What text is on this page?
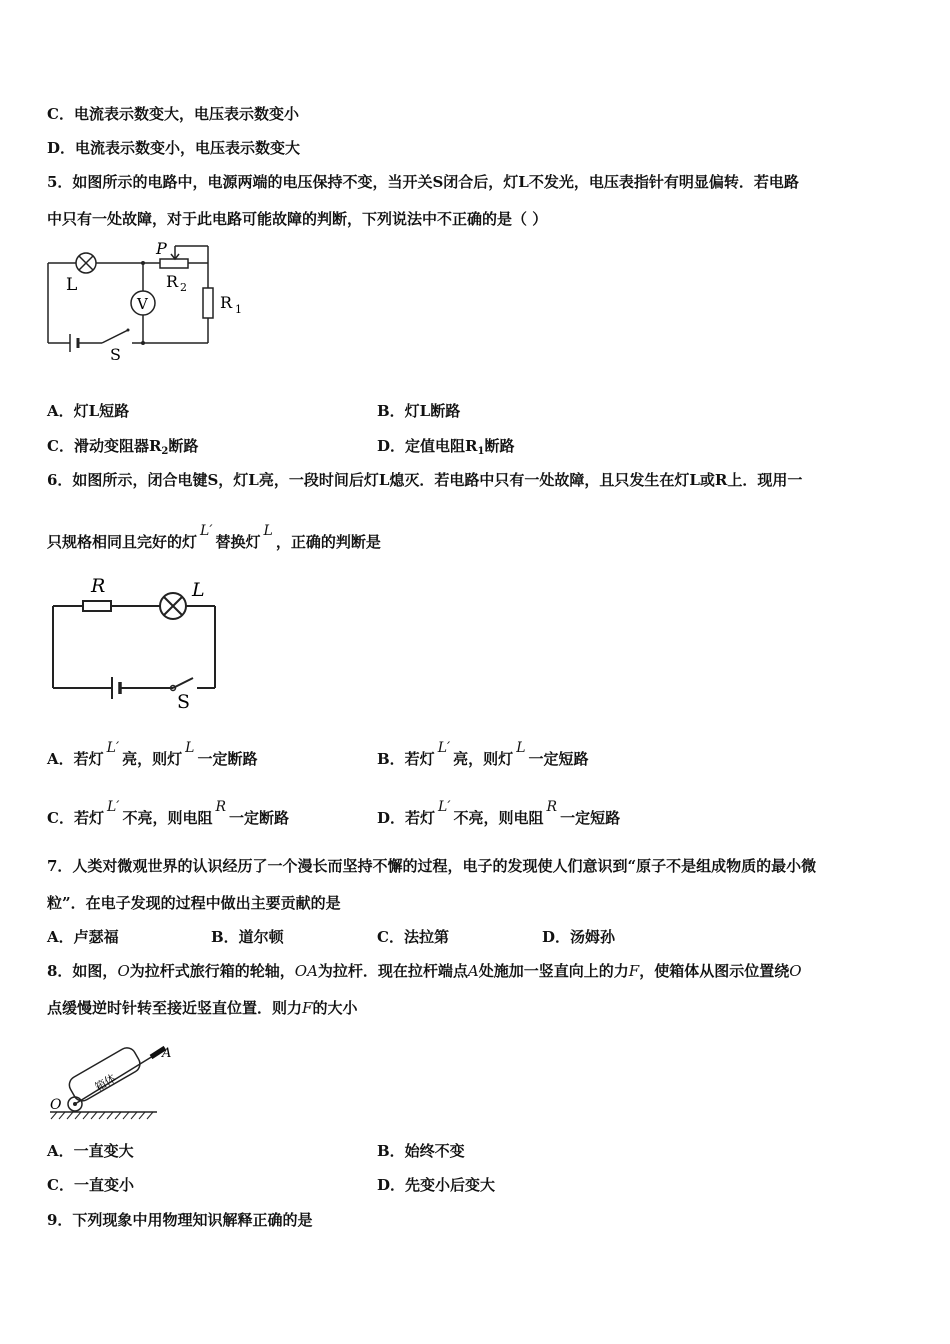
C．电流表示数变大，电压表示数变小
D．电流表示数变小，电压表示数变大
5．如图所示的电路中，电源两端的电压保持不变，当开关S闭合后，灯L不发光，电压表指针有明显偏转．若电路
中只有一处故障，对于此电路可能故障的判断，下列说法中不正确的是（ ）
L
P
R 2
R 1
V
S
A．灯L短路	B．灯L断路
C．滑动变阻器$R_2$断路	D．定值电阻$R_1$断路
6．如图所示，闭合电键S，灯L亮，一段时间后灯L熄灭．若电路中只有一处故障，且只发生在灯L或R上．现用一
只规格相同且完好的灯L′替换灯L，正确的判断是
R	L
S
A．若灯L′亮，则灯L一定断路	B．若灯L′亮，则灯L一定短路
C．若灯L′不亮，则电阻R一定断路	D．若灯L′不亮，则电阻R一定短路
7．人类对微观世界的认识经历了一个漫长而坚持不懈的过程，电子的发现使人们意识到“原子不是组成物质的最小微
粒”．在电子发现的过程中做出主要贡献的是
A．卢瑟福	B．道尔顿	C．法拉第	D．汤姆孙
8．如图，O为拉杆式旅行箱的轮轴，OA为拉杆．现在拉杆端点A处施加一竖直向上的力F，使箱体从图示位置绕O
点缓慢逆时针转至接近竖直位置．则力F的大小
箱体
A
O
A．一直变大	B．始终不变
C．一直变小	D．先变小后变大
9．下列现象中用物理知识解释正确的是
